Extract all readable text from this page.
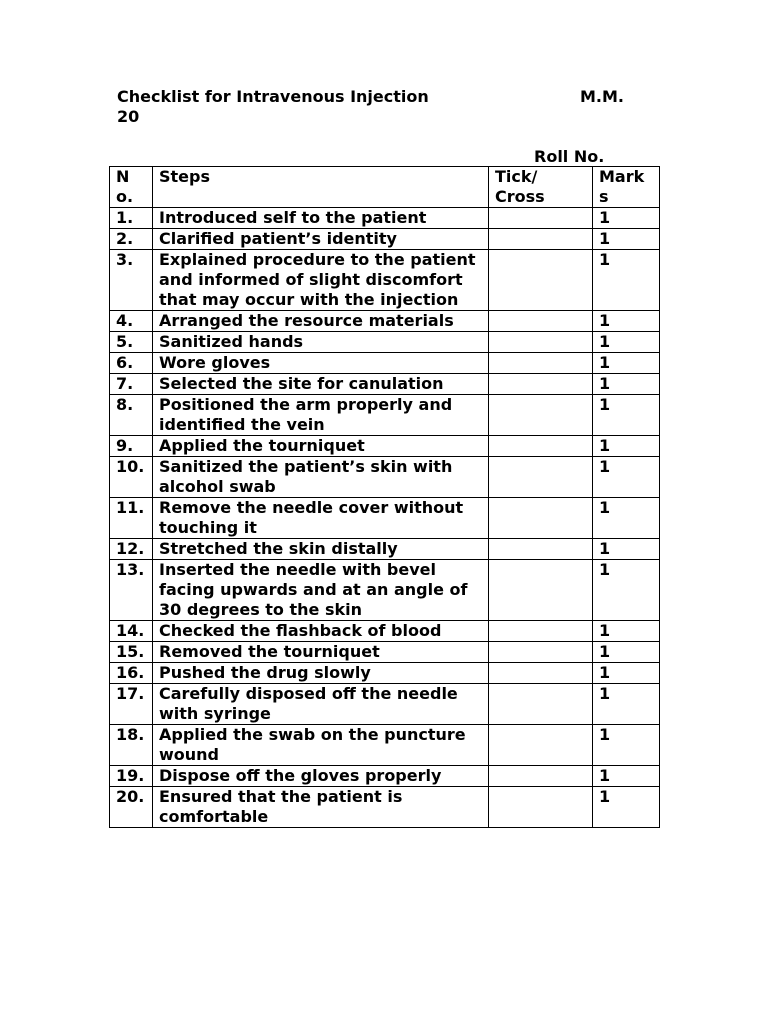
Checklist for Intravenous Injection	M.M.
20
Roll No.
No.	Steps	Tick/ Cross	Marks
1.	Introduced self to the patient		1
2.	Clarified patient’s identity		1
3.	Explained procedure to the patient and informed of slight discomfort that may occur with the injection		1
4.	Arranged the resource materials		1
5.	Sanitized hands		1
6.	Wore gloves		1
7.	Selected the site for canulation		1
8.	Positioned the arm properly and identified the vein		1
9.	Applied the tourniquet		1
10.	Sanitized the patient’s skin with alcohol swab		1
11.	Remove the needle cover without touching it		1
12.	Stretched the skin distally		1
13.	Inserted the needle with bevel facing upwards and at an angle of 30 degrees to the skin		1
14.	Checked the flashback of blood		1
15.	Removed the tourniquet		1
16.	Pushed the drug slowly		1
17.	Carefully disposed off the needle with syringe		1
18.	Applied the swab on the puncture wound		1
19.	Dispose off the gloves properly		1
20.	Ensured that the patient is comfortable		1
